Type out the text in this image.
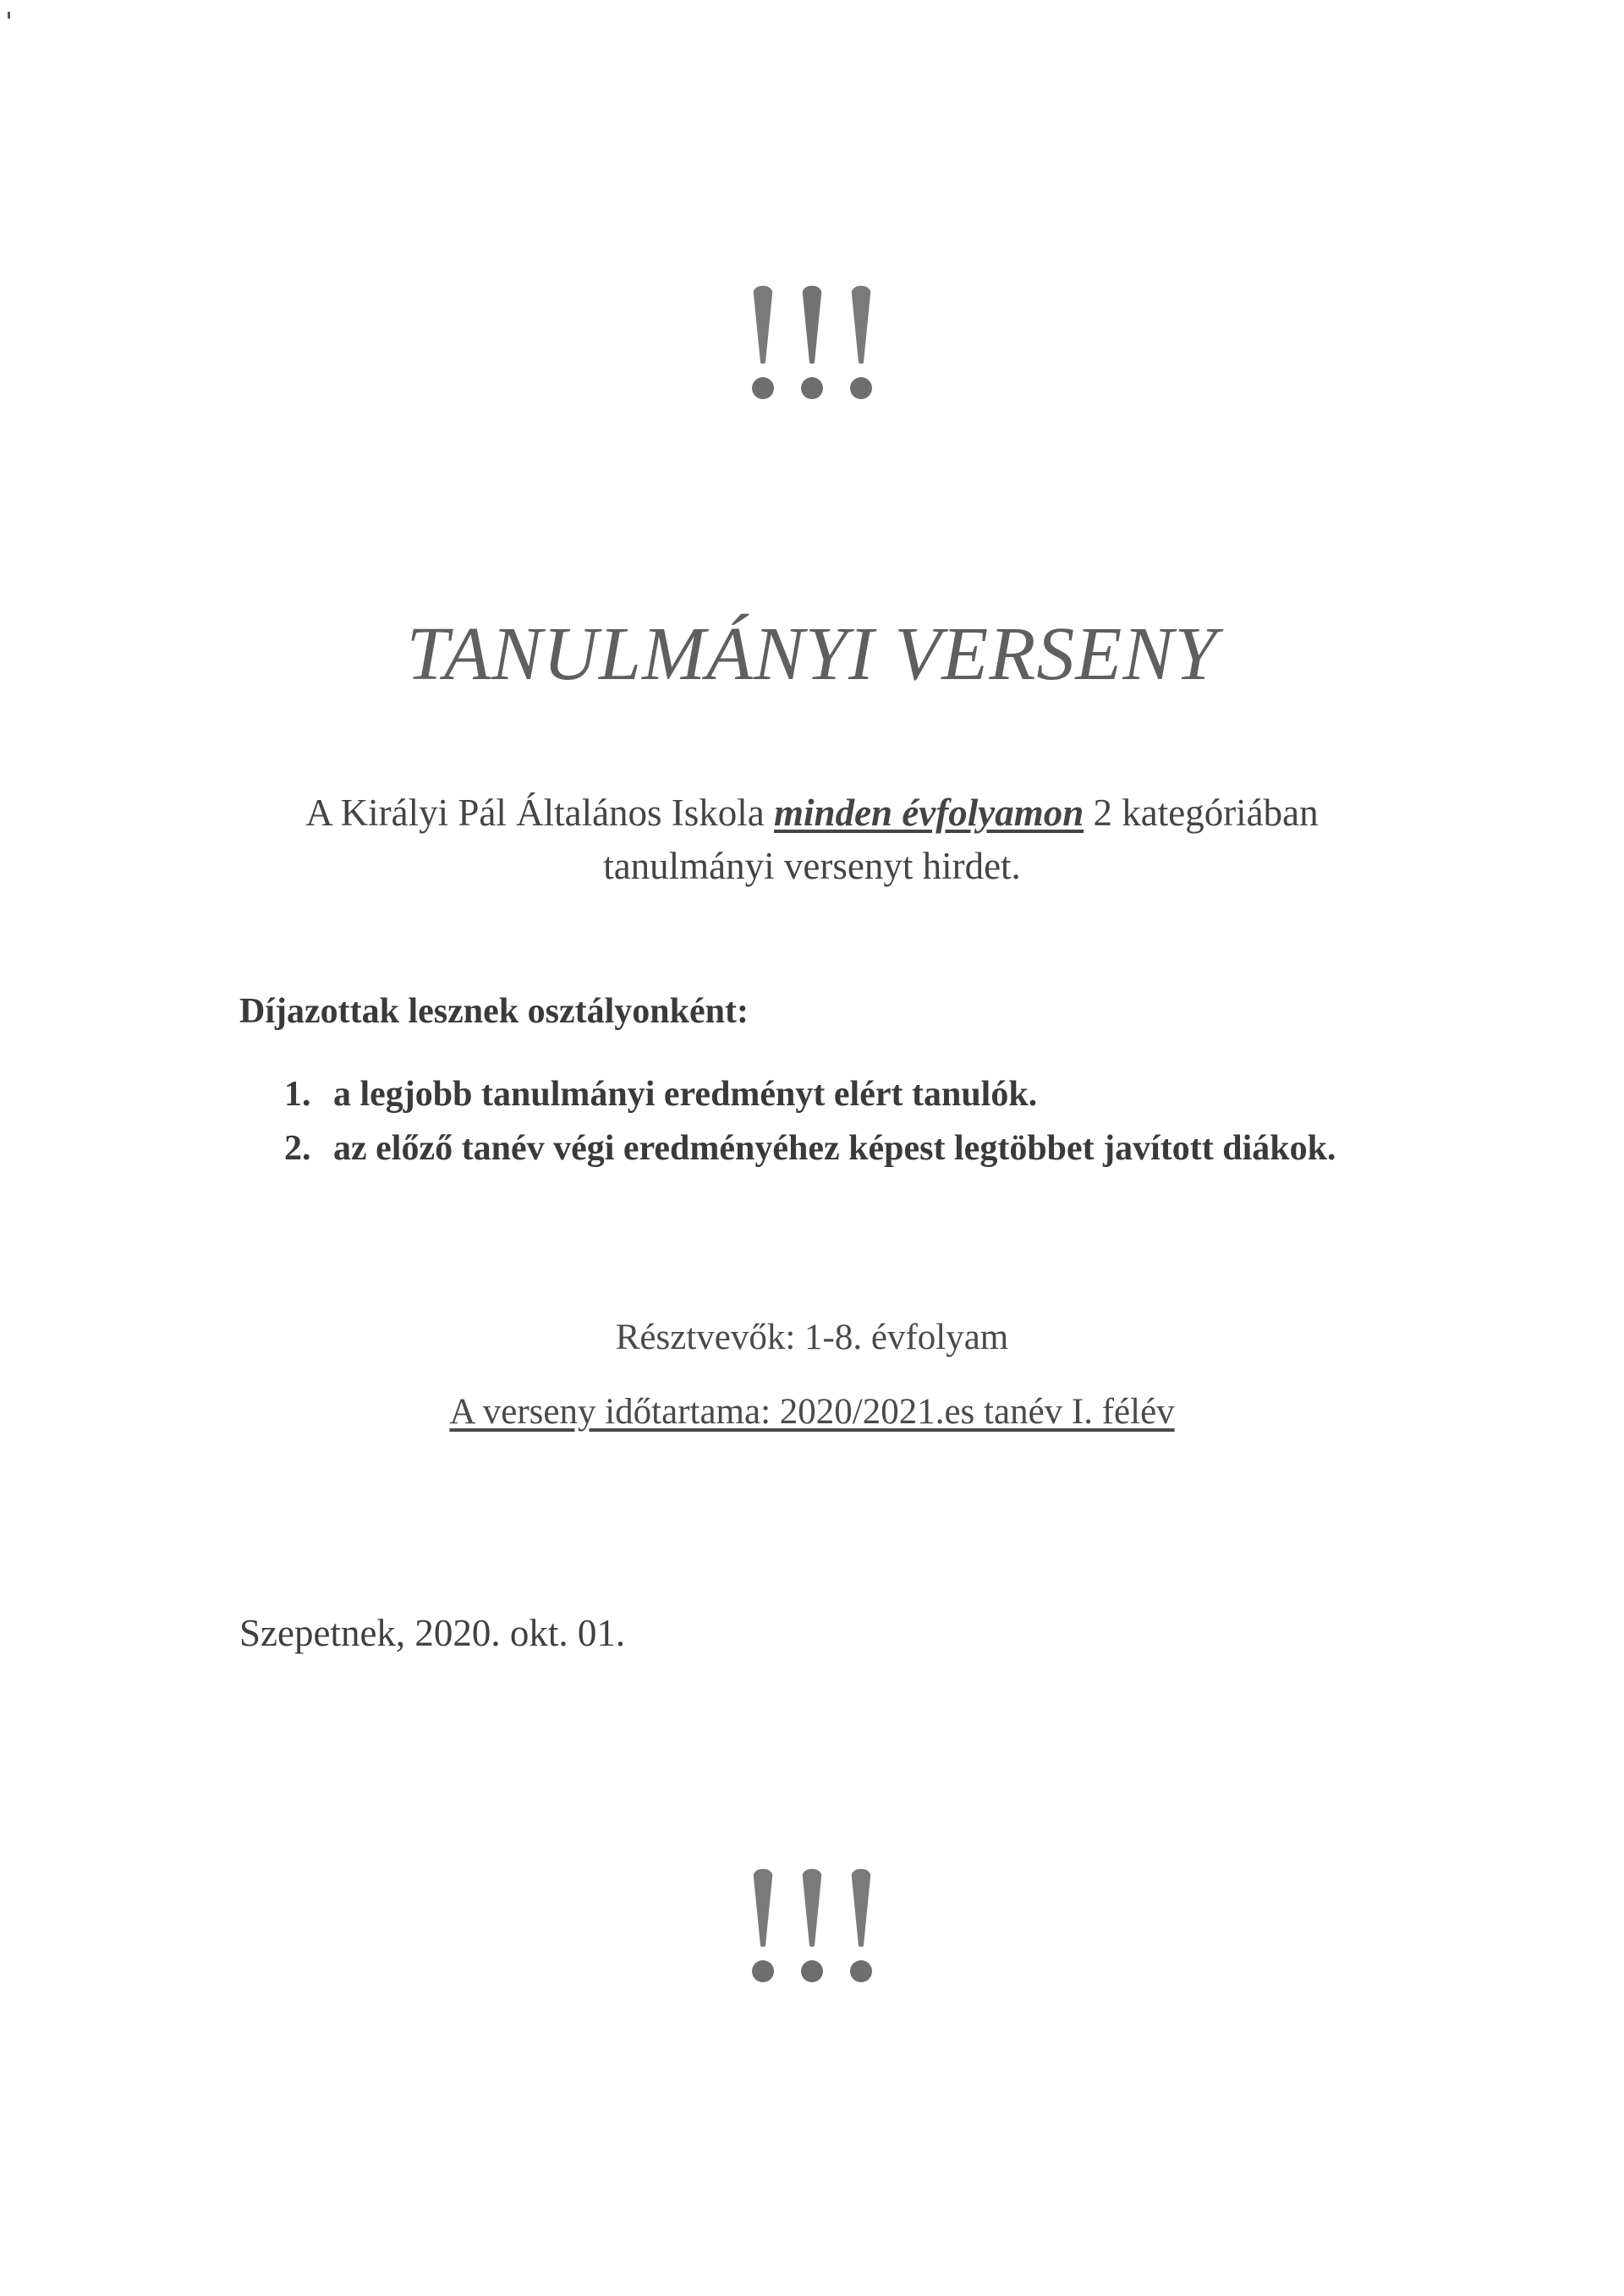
TANULMÁNYI VERSENY
A Királyi Pál Általános Iskola minden évfolyamon 2 kategóriában
tanulmányi versenyt hirdet.
Díjazottak lesznek osztályonként:
1. a legjobb tanulmányi eredményt elért tanulók.
2. az előző tanév végi eredményéhez képest legtöbbet javított diákok.
Résztvevők: 1-8. évfolyam
A verseny időtartama: 2020/2021.es tanév I. félév
Szepetnek, 2020. okt. 01.
